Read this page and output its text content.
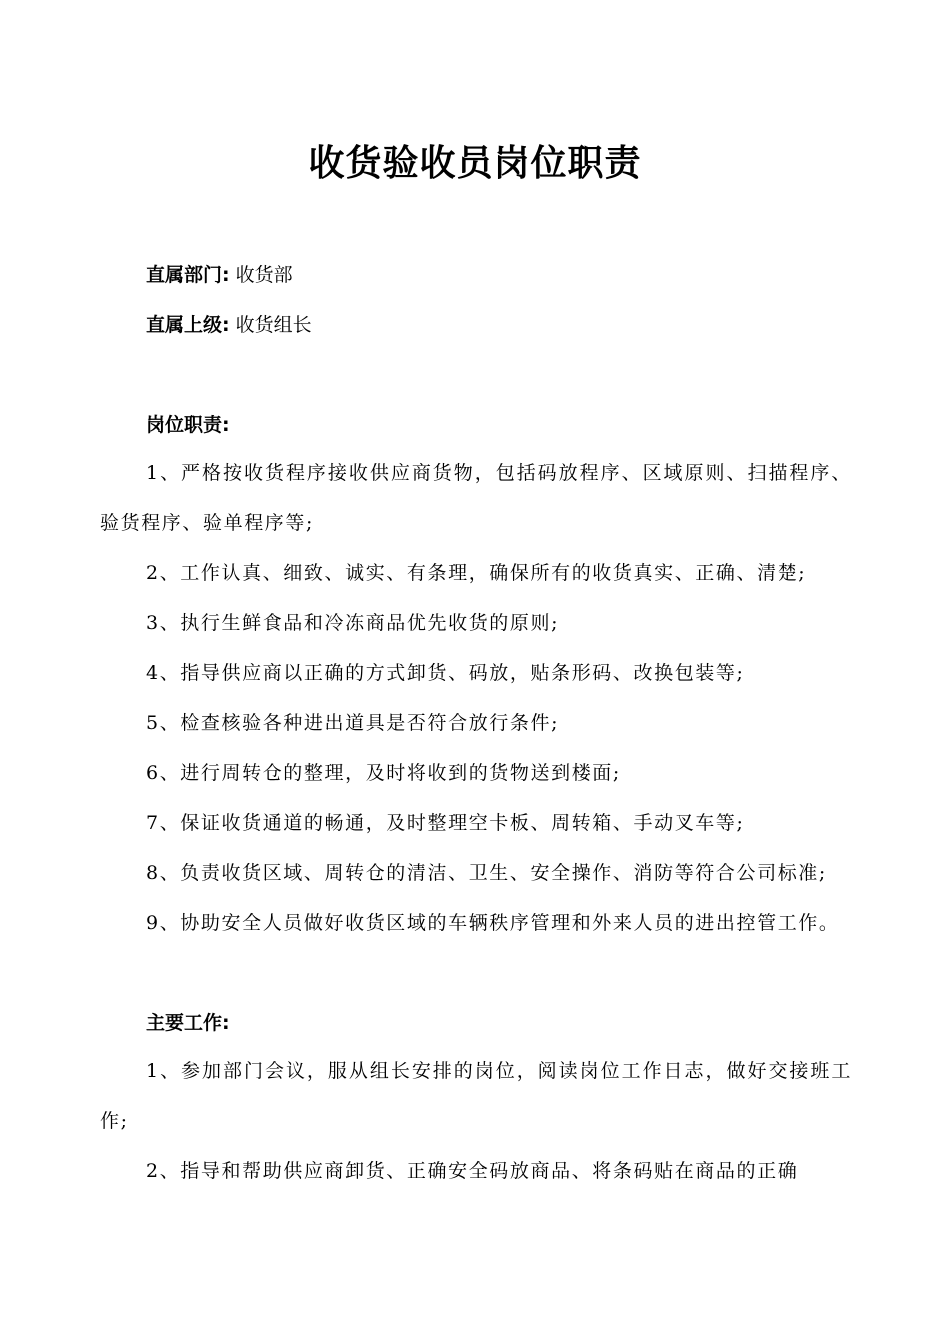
收货验收员岗位职责
直属部门: 收货部
直属上级: 收货组长
岗位职责:
1、严格按收货程序接收供应商货物，包括码放程序、区域原则、扫描程序、验货程序、验单程序等;
2、工作认真、细致、诚实、有条理，确保所有的收货真实、正确、清楚;
3、执行生鲜食品和冷冻商品优先收货的原则;
4、指导供应商以正确的方式卸货、码放，贴条形码、改换包装等;
5、检查核验各种进出道具是否符合放行条件;
6、进行周转仓的整理，及时将收到的货物送到楼面;
7、保证收货通道的畅通，及时整理空卡板、周转箱、手动叉车等;
8、负责收货区域、周转仓的清洁、卫生、安全操作、消防等符合公司标准;
9、协助安全人员做好收货区域的车辆秩序管理和外来人员的进出控管工作。
主要工作:
1、参加部门会议，服从组长安排的岗位，阅读岗位工作日志，做好交接班工作;
2、指导和帮助供应商卸货、正确安全码放商品、将条码贴在商品的正确
